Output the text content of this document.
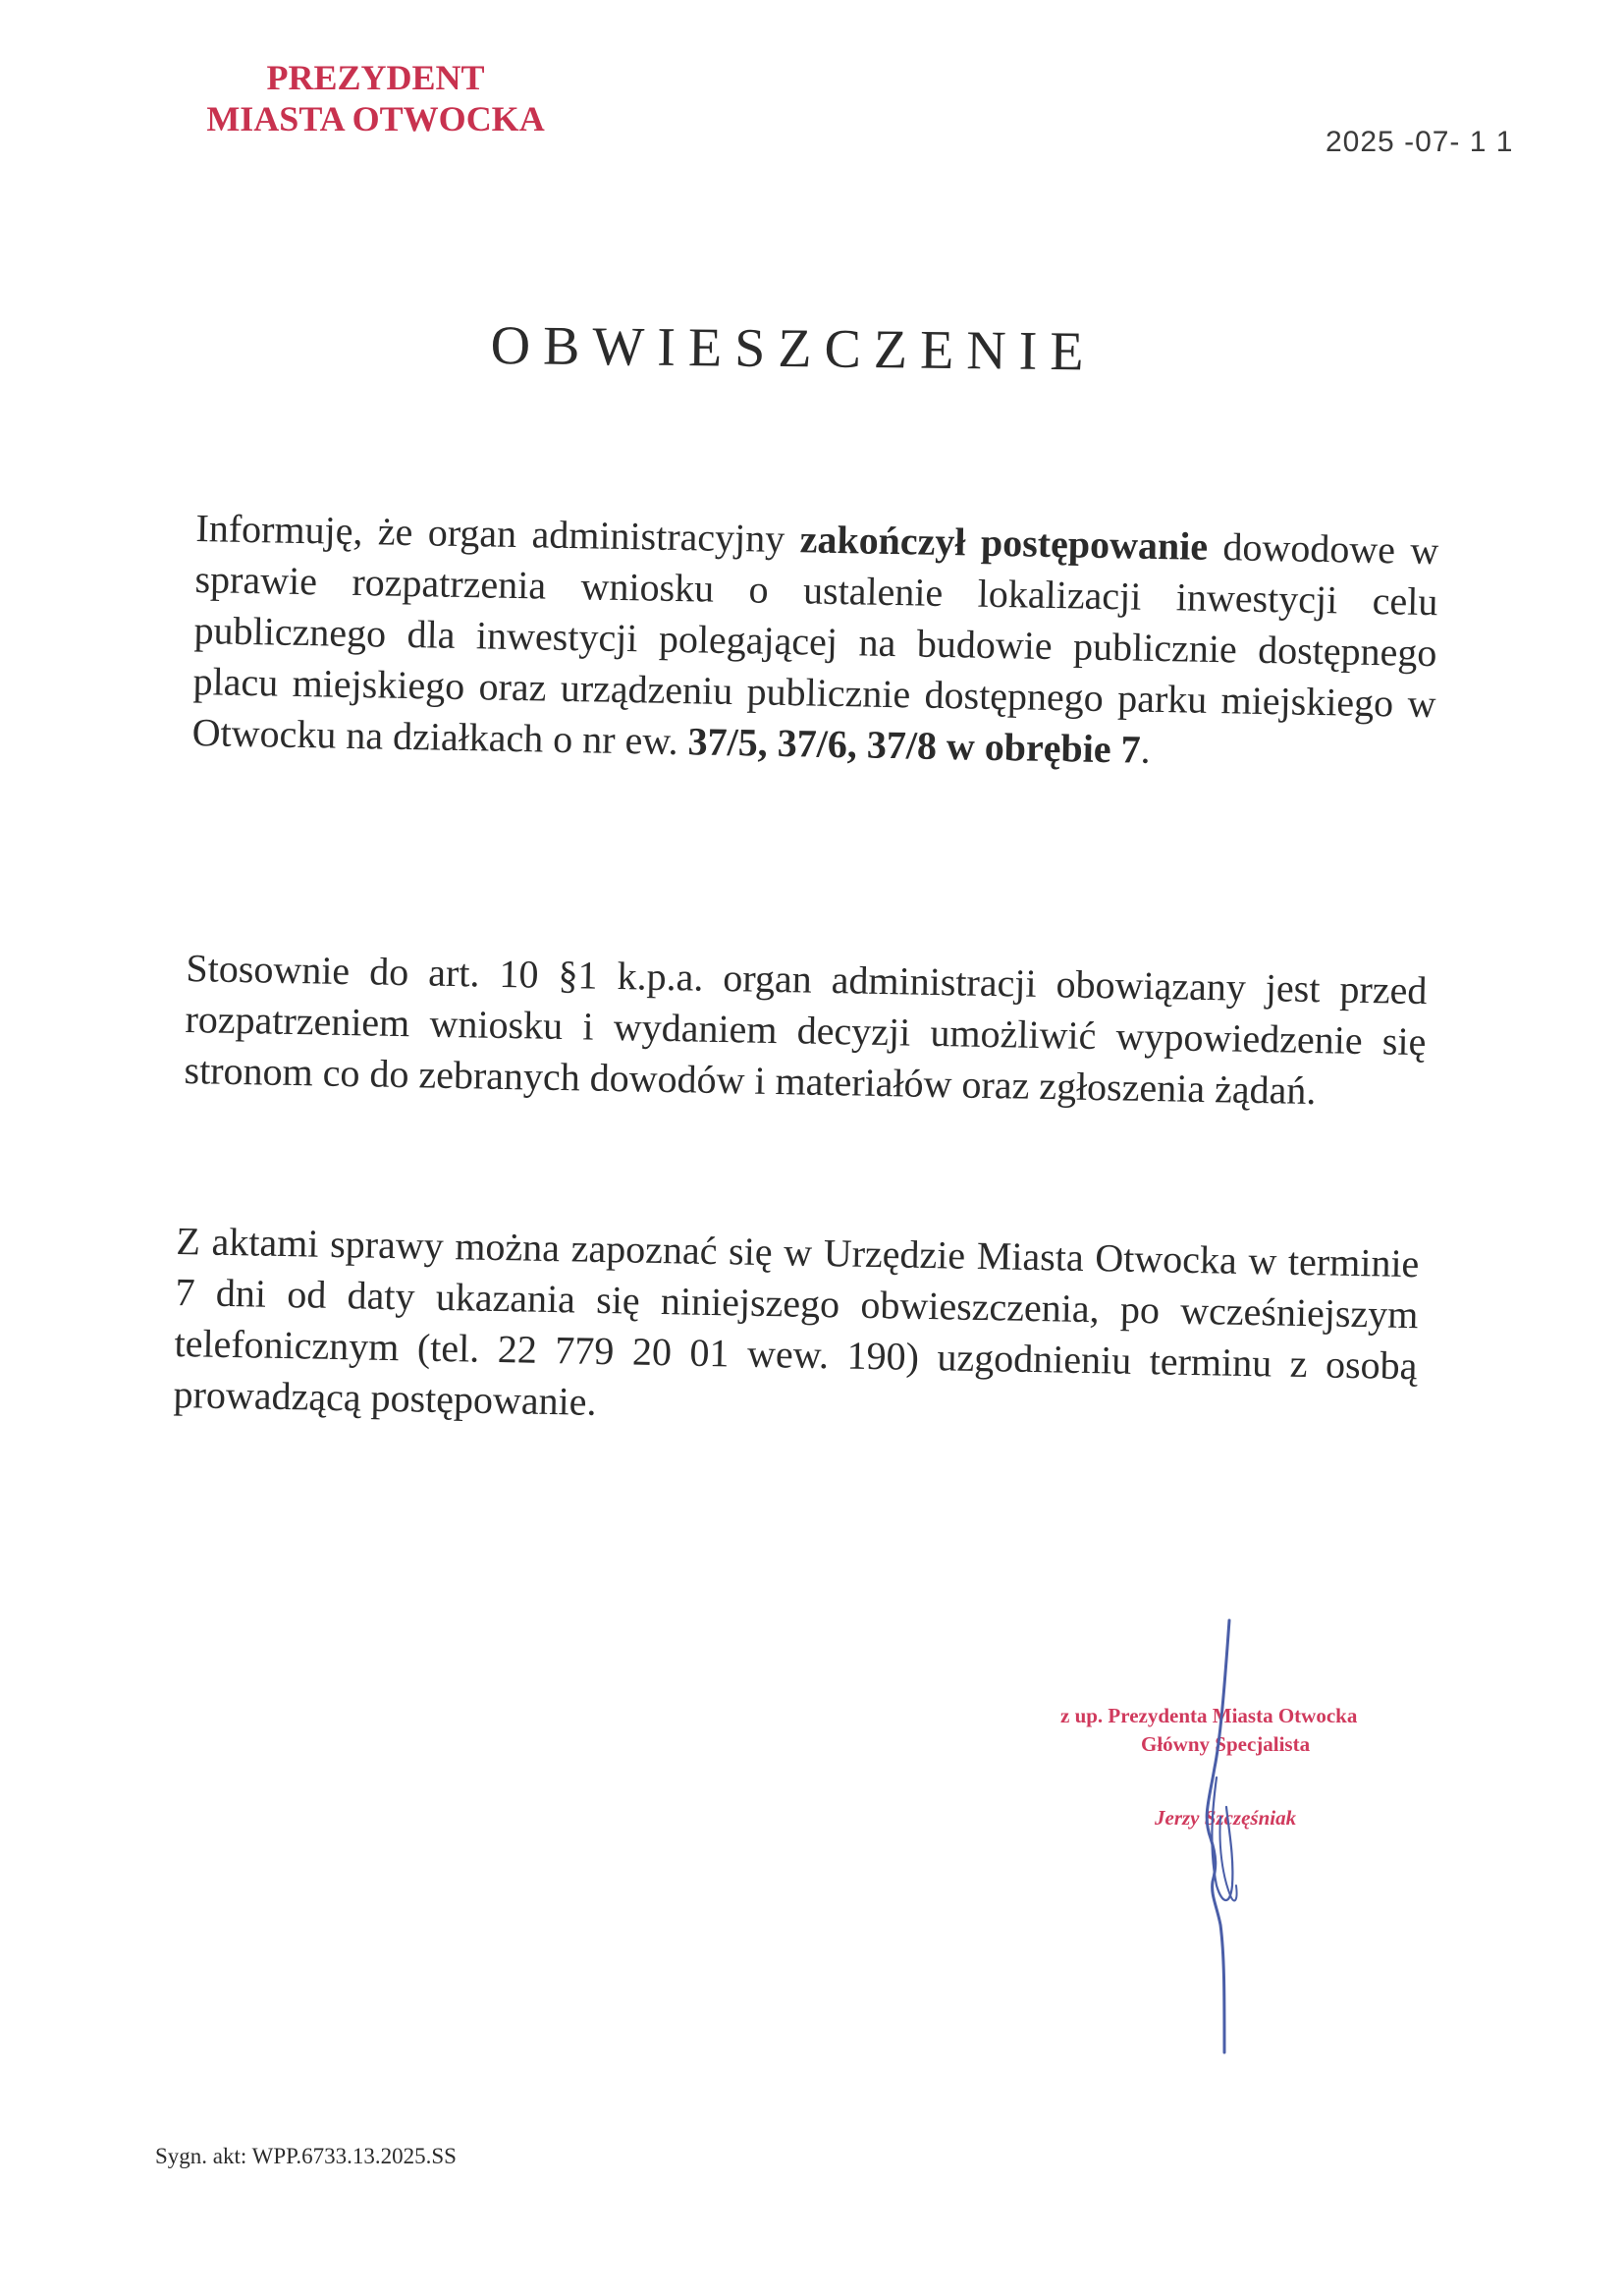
PREZYDENT
MIASTA OTWOCKA
2025 -07- 1 1
OBWIESZCZENIE
Informuję, że organ administracyjny zakończył postępowanie dowodowe w sprawie rozpatrzenia wniosku o ustalenie lokalizacji inwestycji celu publicznego dla inwestycji polegającej na budowie publicznie dostępnego placu miejskiego oraz urządzeniu publicznie dostępnego parku miejskiego w Otwocku na działkach o nr ew. 37/5, 37/6, 37/8 w obrębie 7.
Stosownie do art. 10 §1 k.p.a. organ administracji obowiązany jest przed rozpatrzeniem wniosku i wydaniem decyzji umożliwić wypowiedzenie się stronom co do zebranych dowodów i materiałów oraz zgłoszenia żądań.
Z aktami sprawy można zapoznać się w Urzędzie Miasta Otwocka w terminie 7 dni od daty ukazania się niniejszego obwieszczenia, po wcześniejszym telefonicznym (tel. 22 779 20 01 wew. 190) uzgodnieniu terminu z osobą prowadzącą postępowanie.
z up. Prezydenta Miasta Otwocka
Główny Specjalista
Jerzy Szczęśniak
Sygn. akt: WPP.6733.13.2025.SS
